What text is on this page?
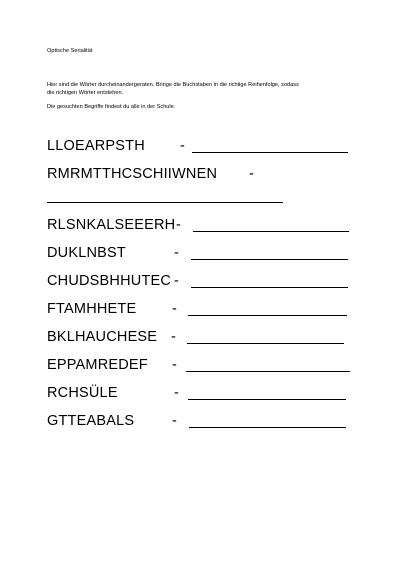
Optische Serialität
Hier sind die Wörter durcheinandergeraten. Bringe die Buchstaben in die richtige Reihenfolge, sodass
die richtigen Wörter entstehen.
Die gesuchten Begriffe findest du alle in der Schule.
LLOEARPSTH -
RMRMTTHCSCHIIWNEN -
RLSNKALSEEERH -
DUKLNBST	-
CHUDSBHHUTEC -
FTAMHHETE -
BKLHAUCHESE -
EPPAMREDEF -
RCHSÜLE	-
GTTEABALS	-
